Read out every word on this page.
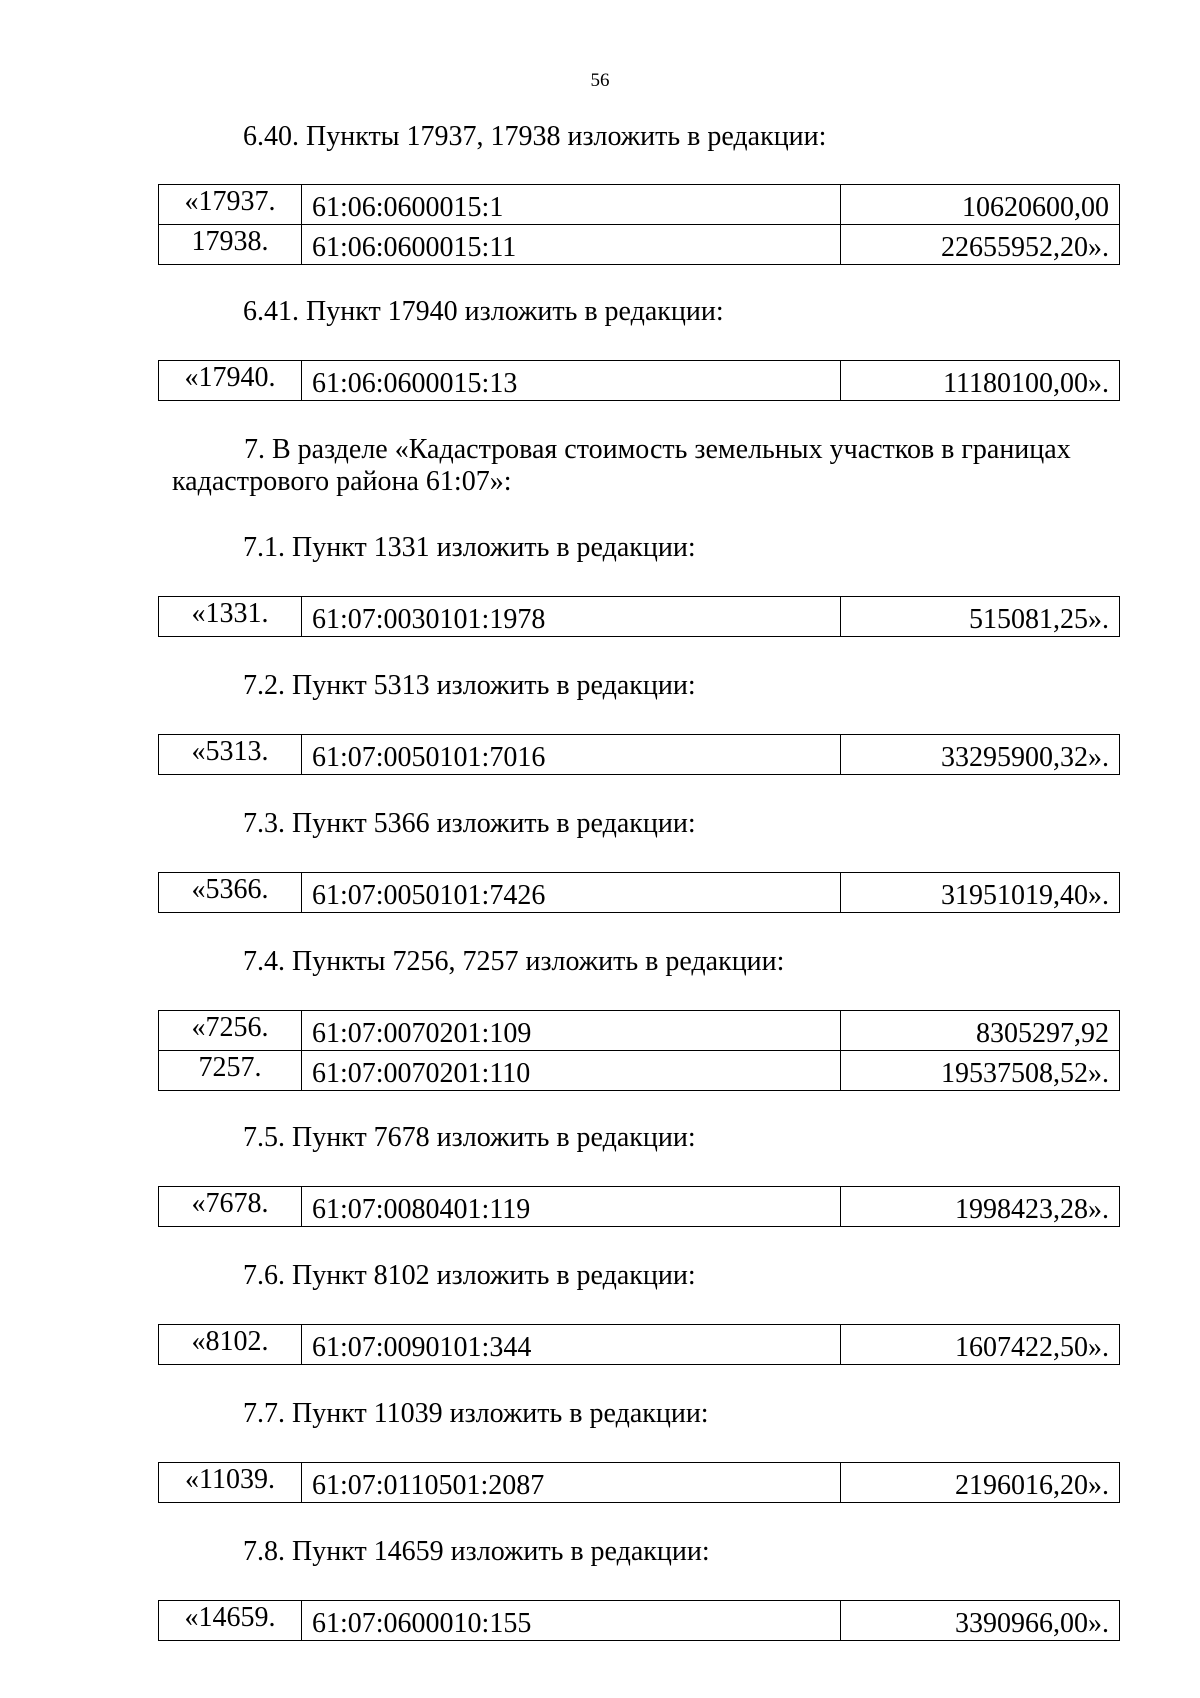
56
6.40. Пункты 17937, 17938 изложить в редакции:
«17937.	61:06:0600015:1	10620600,00
17938.	61:06:0600015:11	22655952,20».
6.41. Пункт 17940 изложить в редакции:
«17940.	61:06:0600015:13	11180100,00».
7. В разделе «Кадастровая стоимость земельных участков в границах кадастрового района 61:07»:
7.1. Пункт 1331 изложить в редакции:
«1331.	61:07:0030101:1978	515081,25».
7.2. Пункт 5313 изложить в редакции:
«5313.	61:07:0050101:7016	33295900,32».
7.3. Пункт 5366 изложить в редакции:
«5366.	61:07:0050101:7426	31951019,40».
7.4. Пункты 7256, 7257 изложить в редакции:
«7256.	61:07:0070201:109	8305297,92
7257.	61:07:0070201:110	19537508,52».
7.5. Пункт 7678 изложить в редакции:
«7678.	61:07:0080401:119	1998423,28».
7.6. Пункт 8102 изложить в редакции:
«8102.	61:07:0090101:344	1607422,50».
7.7. Пункт 11039 изложить в редакции:
«11039.	61:07:0110501:2087	2196016,20».
7.8. Пункт 14659 изложить в редакции:
«14659.	61:07:0600010:155	3390966,00».
